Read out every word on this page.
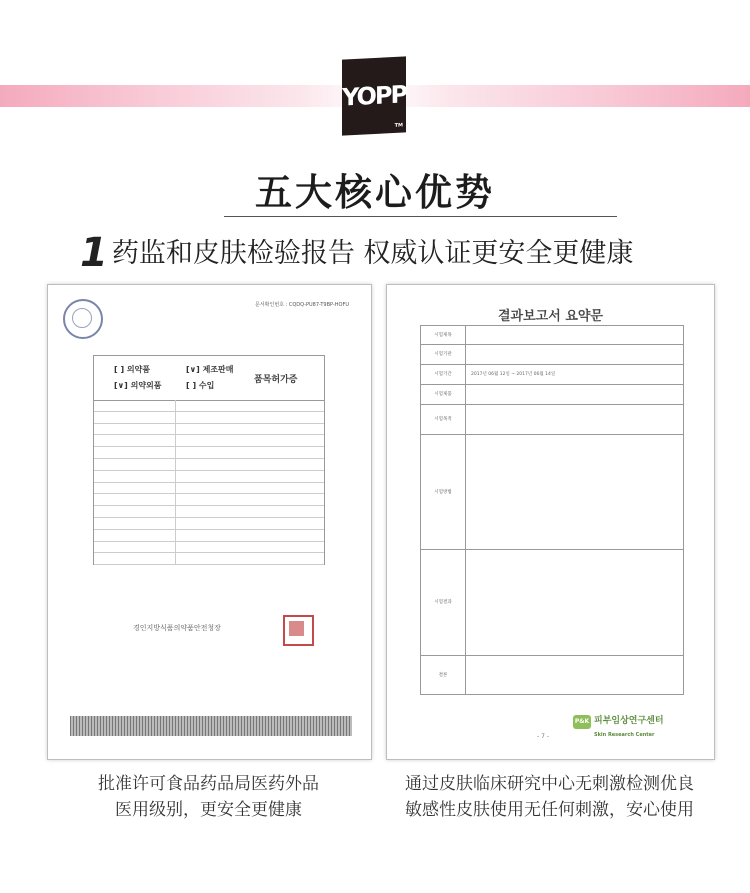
YOPP
TM
五大核心优势
1 药监和皮肤检验报告 权威认证更安全更健康
문서확인번호 : CQDQ-PU87-T9BP-HOFU
[ ] 의약품	[∨] 제조판매
[∨] 의약외품	[ ] 수입
품목허가증
경인지방식품의약품안전청장
결과보고서 요약문
시험제목
시험기관
시험기간	2017년 06월 12일 ~ 2017년 06월 14일
시험제품
시험목적
시험방법
시험결과
결론
P&K 피부임상연구센터
Skin Research Center
- 7 -
批准许可食品药品局医药外品
医用级别，更安全更健康
通过皮肤临床研究中心无刺激检测优良
敏感性皮肤使用无任何刺激，安心使用
